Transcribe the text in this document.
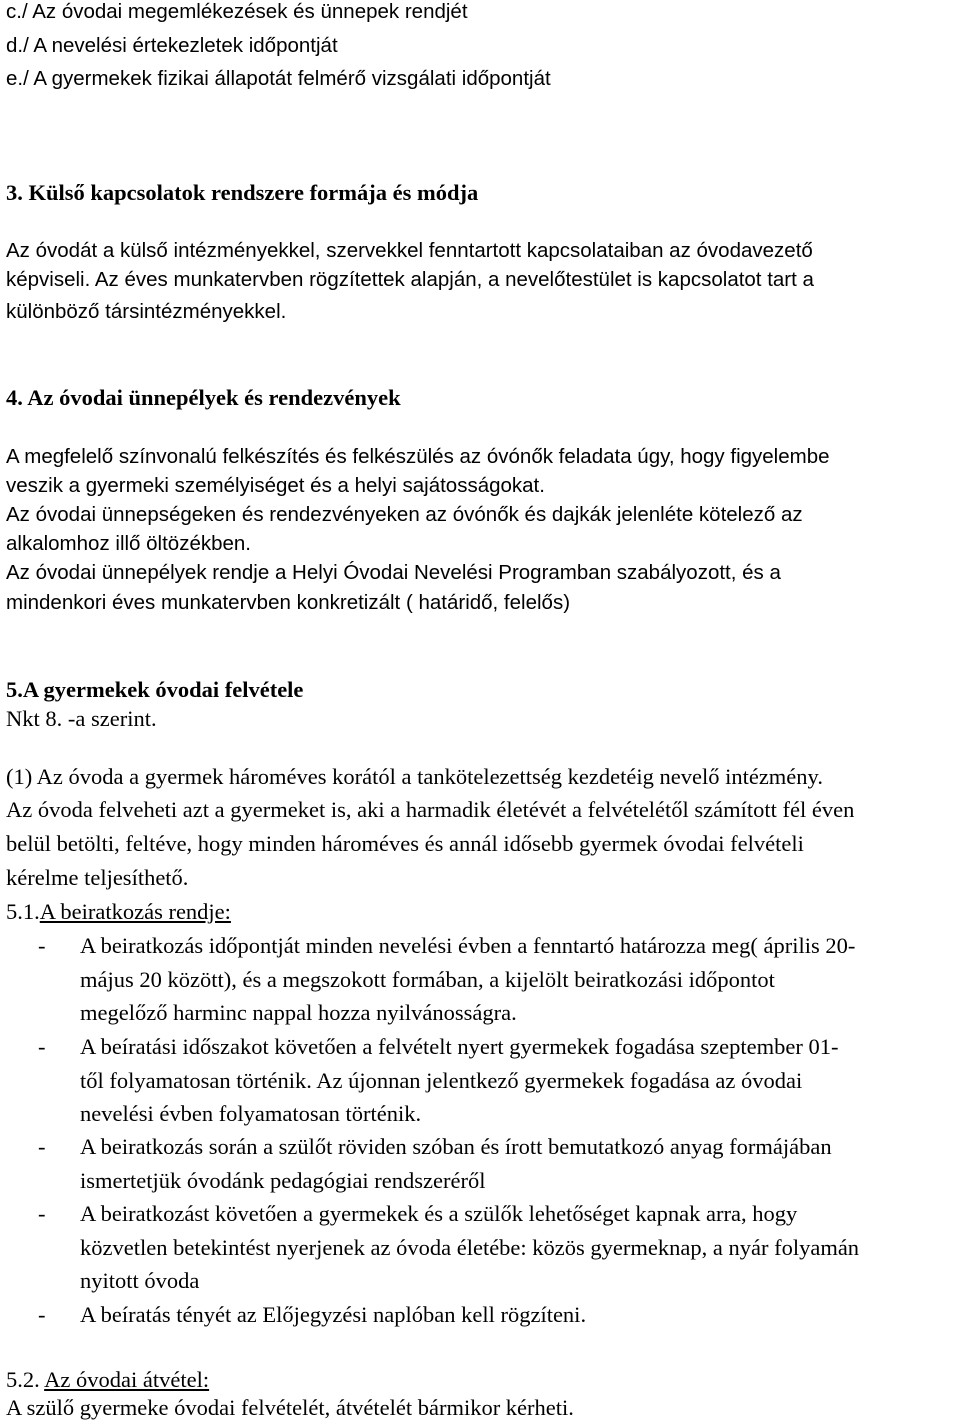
c./ Az óvodai megemlékezések és ünnepek rendjét
d./ A nevelési értekezletek időpontját
e./ A gyermekek fizikai állapotát felmérő vizsgálati időpontját
3. Külső kapcsolatok rendszere formája és módja
Az óvodát a külső intézményekkel, szervekkel fenntartott kapcsolataiban az óvodavezető
képviseli. Az éves munkatervben rögzítettek alapján, a nevelőtestület is kapcsolatot tart a
különböző társintézményekkel.
4. Az óvodai ünnepélyek és rendezvények
A megfelelő színvonalú felkészítés és felkészülés az óvónők feladata úgy, hogy figyelembe
veszik a gyermeki személyiséget és a helyi sajátosságokat.
Az óvodai ünnepségeken és rendezvényeken az óvónők és dajkák jelenléte kötelező az
alkalomhoz illő öltözékben.
Az óvodai ünnepélyek rendje a Helyi Óvodai Nevelési Programban szabályozott, és a
mindenkori éves munkatervben konkretizált ( határidő, felelős)
5.A gyermekek óvodai felvétele
Nkt 8. -a szerint.
(1) Az óvoda a gyermek hároméves korától a tankötelezettség kezdetéig nevelő intézmény.
Az óvoda felveheti azt a gyermeket is, aki a harmadik életévét a felvételétől számított fél éven
belül betölti, feltéve, hogy minden hároméves és annál idősebb gyermek óvodai felvételi
kérelme teljesíthető.
5.1.A beiratkozás rendje:
- A beiratkozás időpontját minden nevelési évben a fenntartó határozza meg( április 20-
május 20 között), és a megszokott formában, a kijelölt beiratkozási időpontot
megelőző harminc nappal hozza nyilvánosságra.
- A beíratási időszakot követően a felvételt nyert gyermekek fogadása szeptember 01-
től folyamatosan történik. Az újonnan jelentkező gyermekek fogadása az óvodai
nevelési évben folyamatosan történik.
- A beiratkozás során a szülőt röviden szóban és írott bemutatkozó anyag formájában
ismertetjük óvodánk pedagógiai rendszeréről
- A beiratkozást követően a gyermekek és a szülők lehetőséget kapnak arra, hogy
közvetlen betekintést nyerjenek az óvoda életébe: közös gyermeknap, a nyár folyamán
nyitott óvoda
- A beíratás tényét az Előjegyzési naplóban kell rögzíteni.
5.2. Az óvodai átvétel:
A szülő gyermeke óvodai felvételét, átvételét bármikor kérheti.
